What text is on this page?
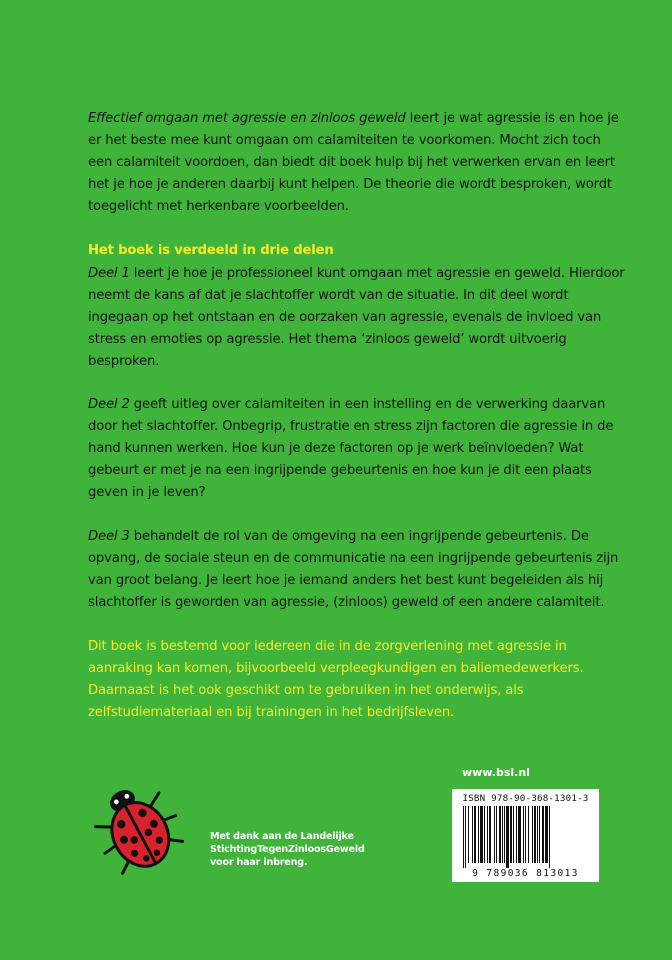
Effectief omgaan met agressie en zinloos geweld leert je wat agressie is en hoe je er het beste mee kunt omgaan om calamiteiten te voorkomen. Mocht zich toch een calamiteit voordoen, dan biedt dit boek hulp bij het verwerken ervan en leert het je hoe je anderen daarbij kunt helpen. De theorie die wordt besproken, wordt toegelicht met herkenbare voorbeelden.

Het boek is verdeeld in drie delen

Deel 1 leert je hoe je professioneel kunt omgaan met agressie en geweld. Hierdoor neemt de kans af dat je slachtoffer wordt van de situatie. In dit deel wordt ingegaan op het ontstaan en de oorzaken van agressie, evenals de invloed van stress en emoties op agressie. Het thema ‘zinloos geweld’ wordt uitvoerig besproken.

Deel 2 geeft uitleg over calamiteiten in een instelling en de verwerking daarvan door het slachtoffer. Onbegrip, frustratie en stress zijn factoren die agressie in de hand kunnen werken. Hoe kun je deze factoren op je werk beïnvloeden? Wat gebeurt er met je na een ingrijpende gebeurtenis en hoe kun je dit een plaats geven in je leven?

Deel 3 behandelt de rol van de omgeving na een ingrijpende gebeurtenis. De opvang, de sociale steun en de communicatie na een ingrijpende gebeurtenis zijn van groot belang. Je leert hoe je iemand anders het best kunt begeleiden als hij slachtoffer is geworden van agressie, (zinloos) geweld of een andere calamiteit.

Dit boek is bestemd voor iedereen die in de zorgverlening met agressie in aanraking kan komen, bijvoorbeeld verpleegkundigen en baliemedewerkers. Daarnaast is het ook geschikt om te gebruiken in het onderwijs, als zelfstudiemateriaal en bij trainingen in het bedrijfsleven.

Met dank aan de Landelijke
StichtingTegenZinloosGeweld
voor haar inbreng.
www.bsl.nl
ISBN 978-90-368-1301-3
9 789036 813013
